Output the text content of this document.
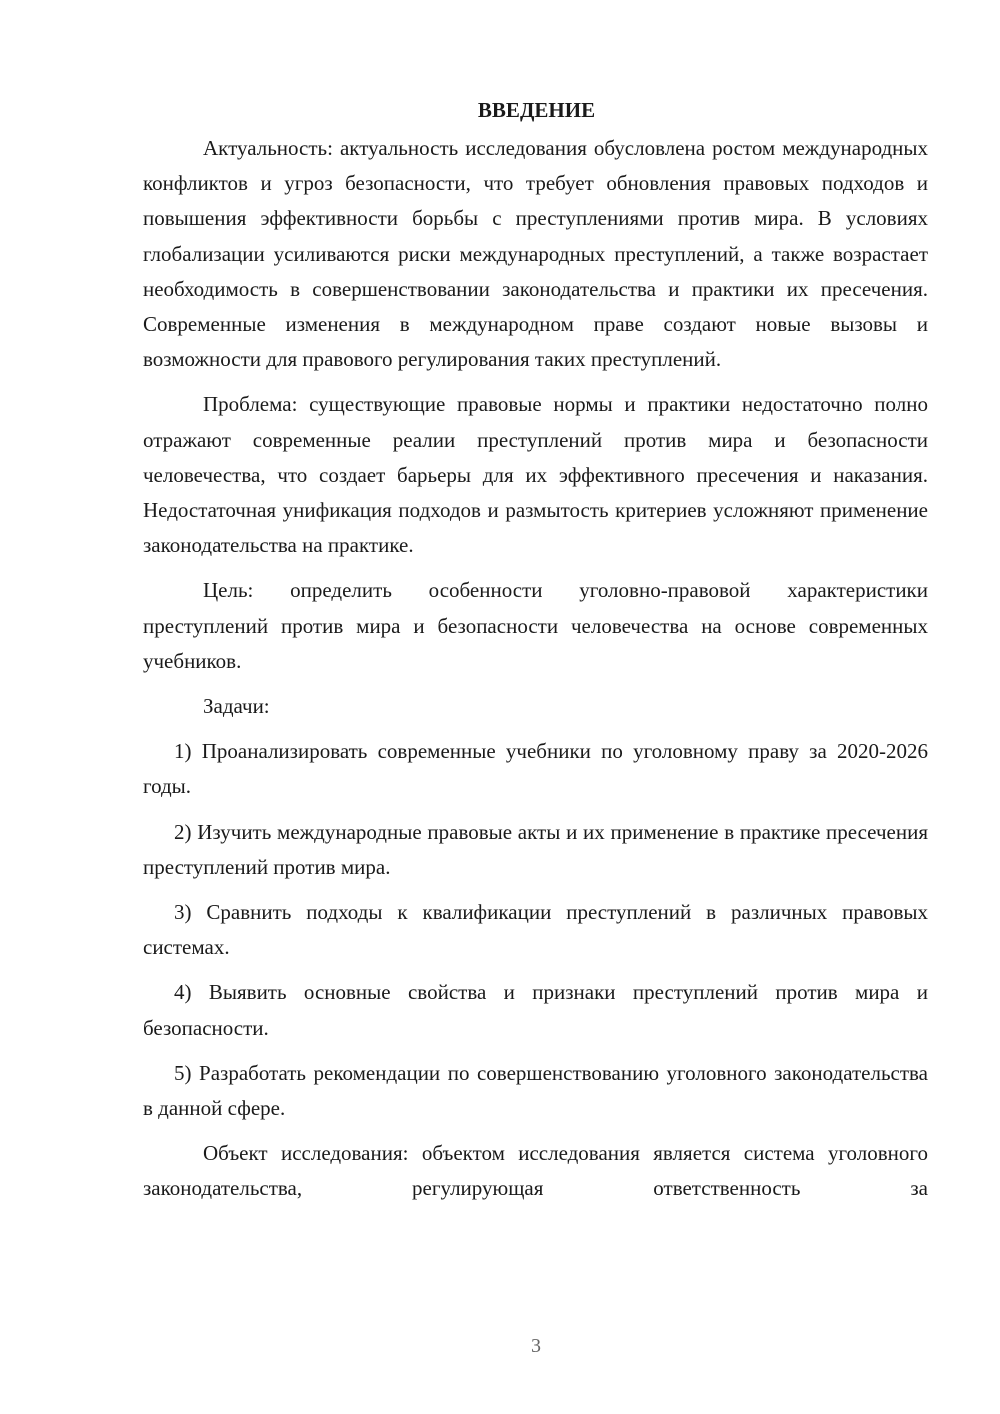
ВВЕДЕНИЕ

Актуальность: актуальность исследования обусловлена ростом международных конфликтов и угроз безопасности, что требует обновления правовых подходов и повышения эффективности борьбы с преступлениями против мира. В условиях глобализации усиливаются риски международных преступлений, а также возрастает необходимость в совершенствовании законодательства и практики их пресечения. Современные изменения в международном праве создают новые вызовы и возможности для правового регулирования таких преступлений.

Проблема: существующие правовые нормы и практики недостаточно полно отражают современные реалии преступлений против мира и безопасности человечества, что создает барьеры для их эффективного пресечения и наказания. Недостаточная унификация подходов и размытость критериев усложняют применение законодательства на практике.

Цель: определить особенности уголовно-правовой характеристики преступлений против мира и безопасности человечества на основе современных учебников.

Задачи:

1) Проанализировать современные учебники по уголовному праву за 2020-2026 годы.

2) Изучить международные правовые акты и их применение в практике пресечения преступлений против мира.

3) Сравнить подходы к квалификации преступлений в различных правовых системах.

4) Выявить основные свойства и признаки преступлений против мира и безопасности.

5) Разработать рекомендации по совершенствованию уголовного законодательства в данной сфере.

Объект исследования: объектом исследования является система уголовного законодательства, регулирующая ответственность за

3
